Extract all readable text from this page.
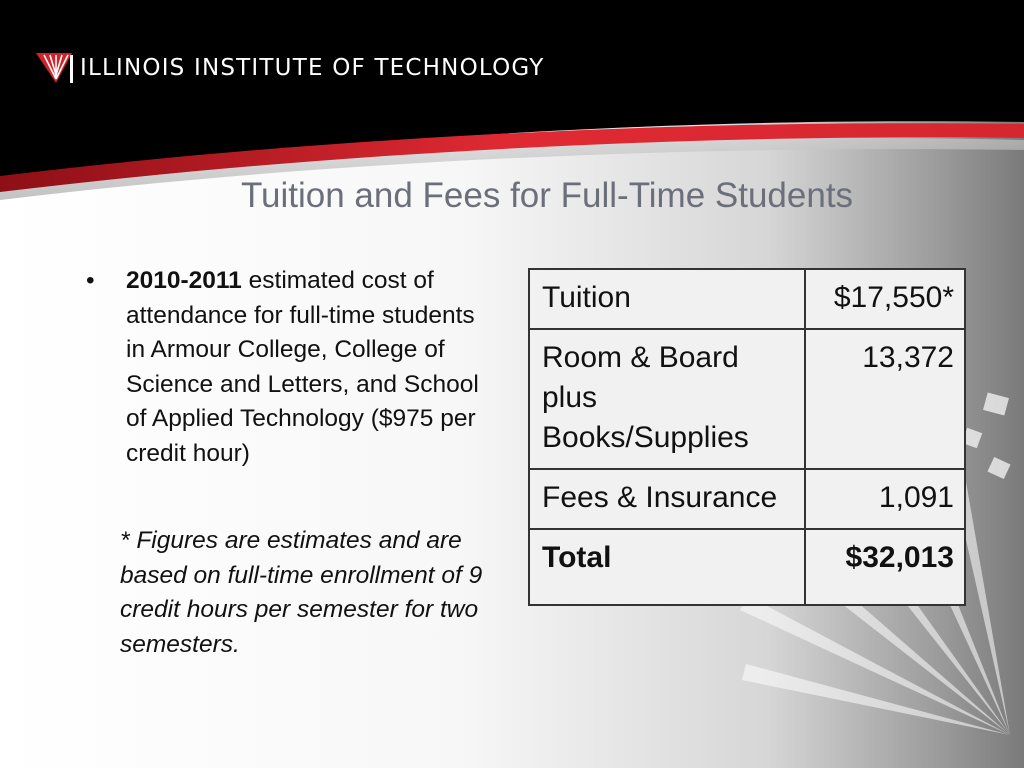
ILLINOIS INSTITUTE OF TECHNOLOGY
Tuition and Fees for Full-Time Students
• 2010-2011 estimated cost of attendance for full-time students in Armour College, College of Science and Letters, and School of Applied Technology ($975 per credit hour)
* Figures are estimates and are based on full-time enrollment of 9 credit hours per semester for two semesters.
Tuition	$17,550*
Room & Board plus Books/Supplies	13,372
Fees & Insurance	1,091
Total	$32,013
